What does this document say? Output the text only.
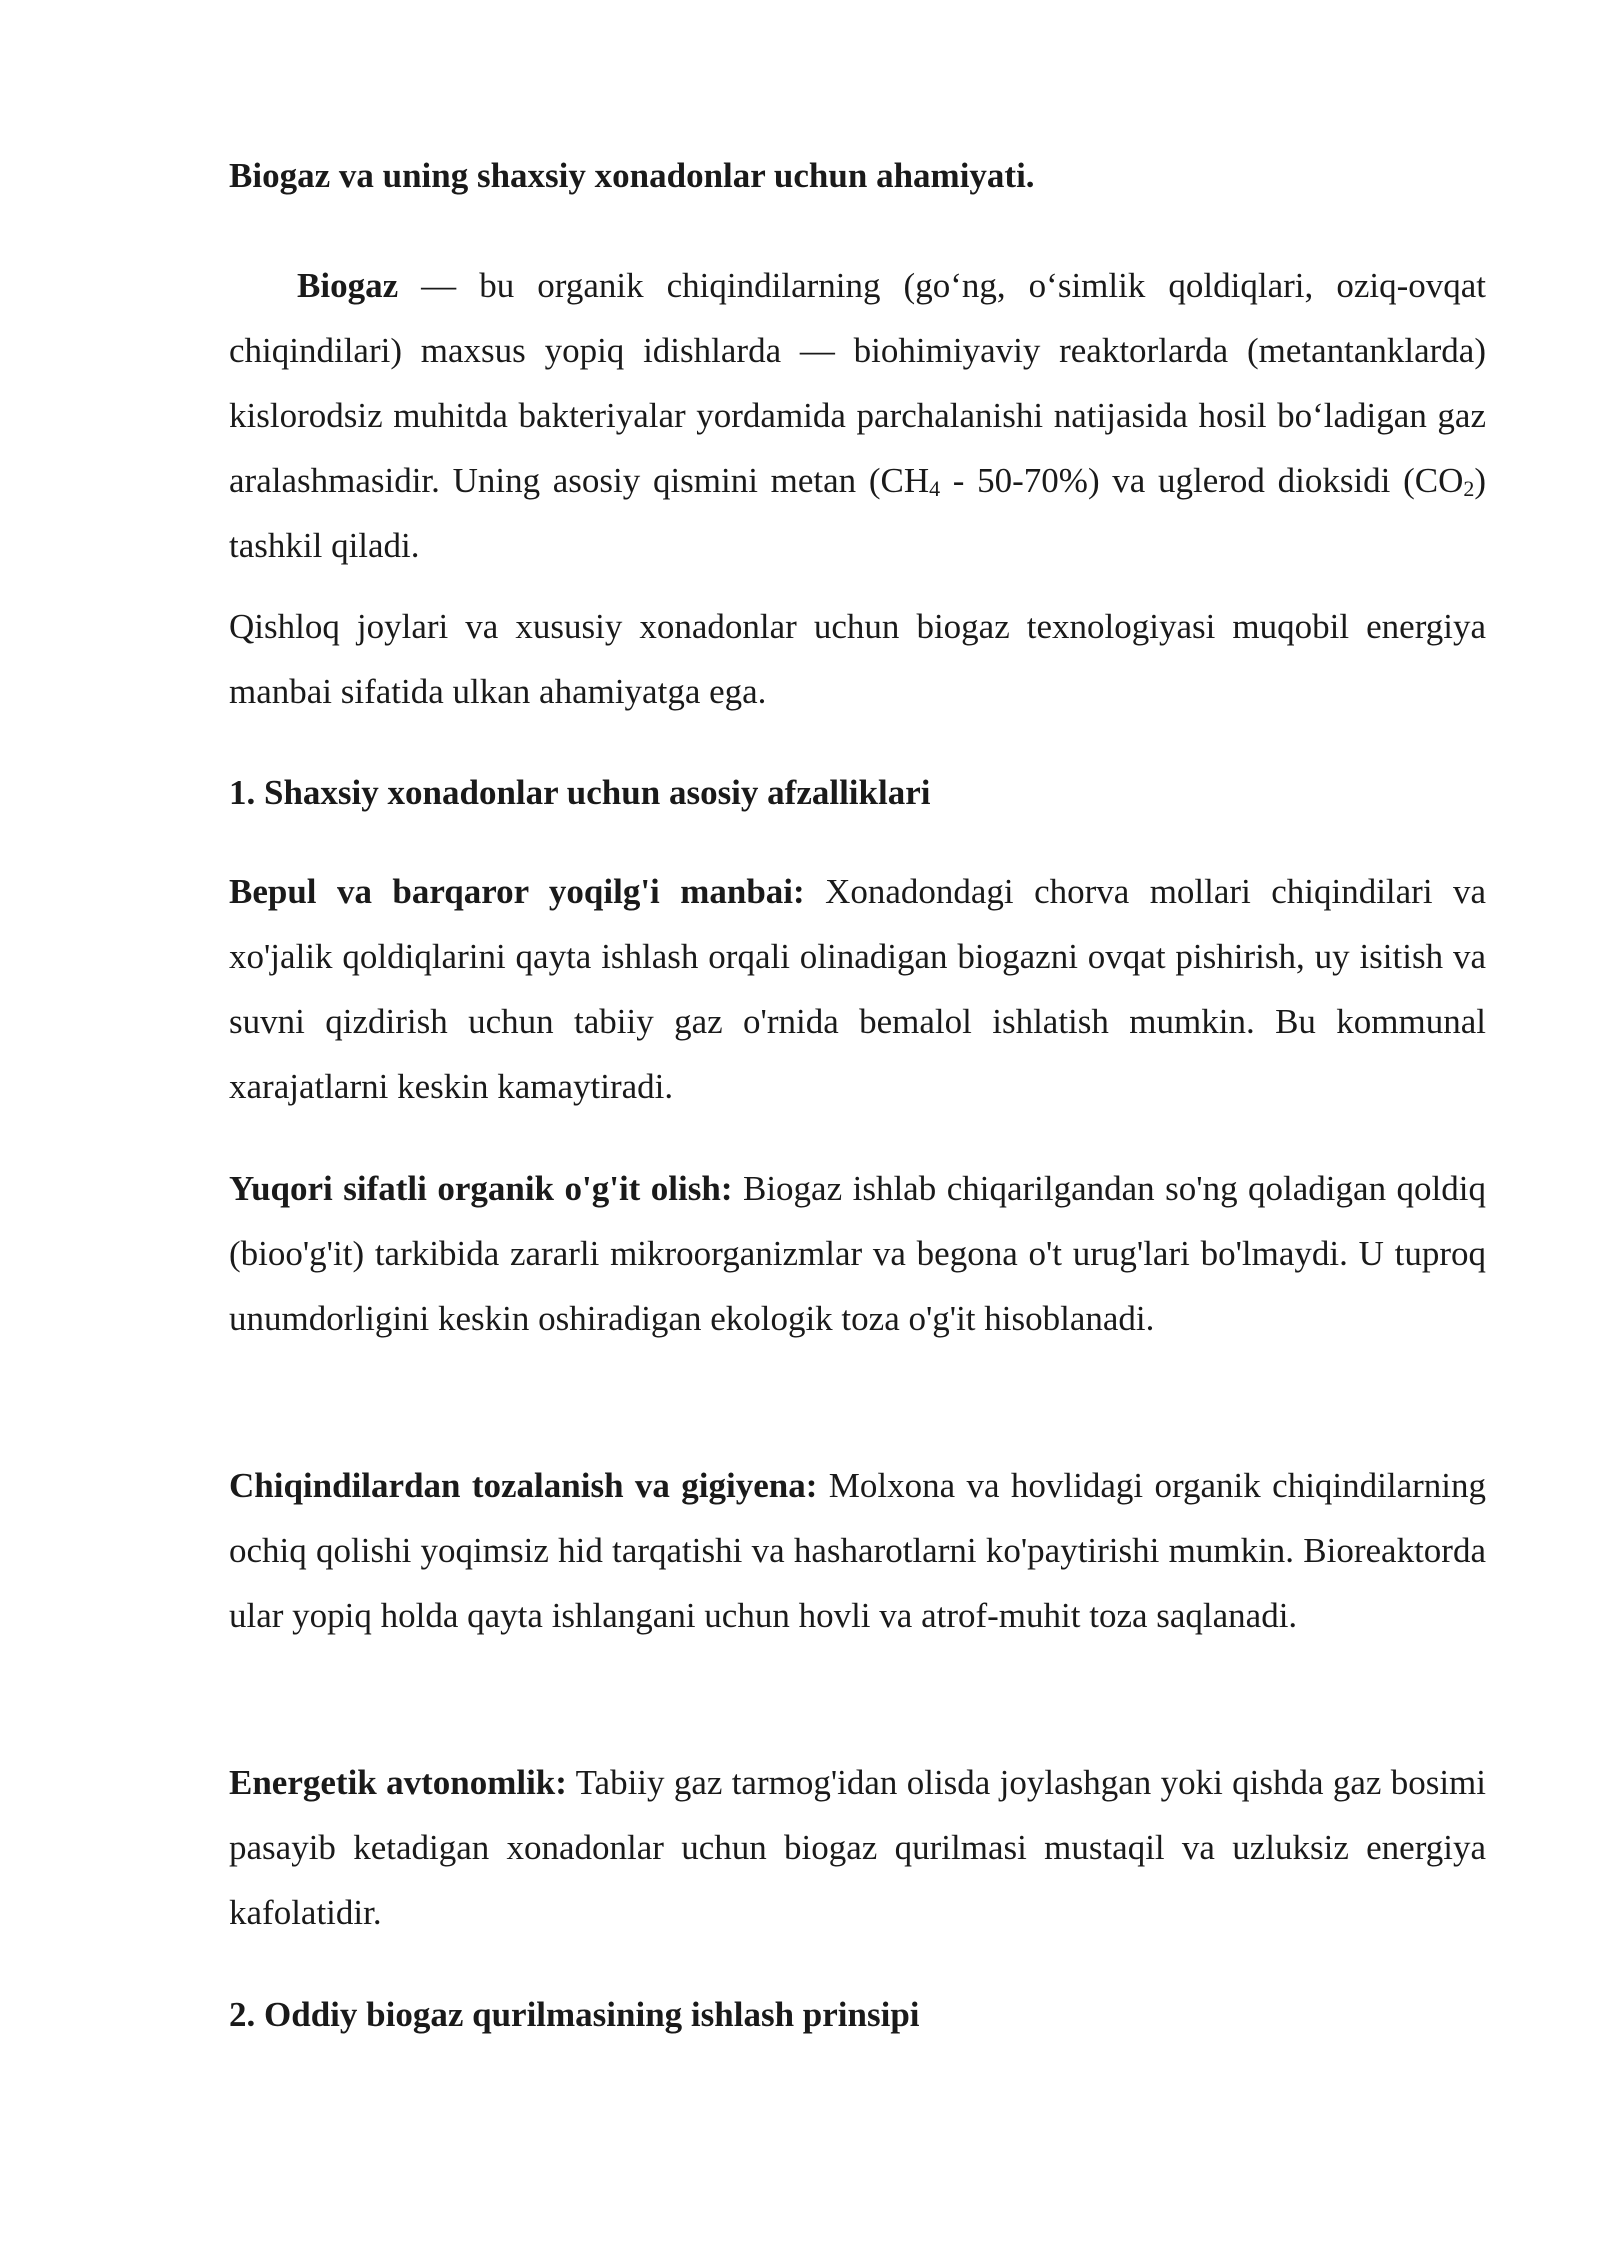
Biogaz va uning shaxsiy xonadonlar uchun ahamiyati.

Biogaz — bu organik chiqindilarning (go‘ng, o‘simlik qoldiqlari, oziq-ovqat chiqindilari) maxsus yopiq idishlarda — biohimiyaviy reaktorlarda (metantanklarda) kislorodsiz muhitda bakteriyalar yordamida parchalanishi natijasida hosil bo‘ladigan gaz aralashmasidir. Uning asosiy qismini metan $(CH_4 - 50-70\%)$ va uglerod dioksidi $(CO_2)$ tashkil qiladi.

Qishloq joylari va xususiy xonadonlar uchun biogaz texnologiyasi muqobil energiya manbai sifatida ulkan ahamiyatga ega.

1. Shaxsiy xonadonlar uchun asosiy afzalliklari

Bepul va barqaror yoqilg'i manbai: Xonadondagi chorva mollari chiqindilari va xo'jalik qoldiqlarini qayta ishlash orqali olinadigan biogazni ovqat pishirish, uy isitish va suvni qizdirish uchun tabiiy gaz o'rnida bemalol ishlatish mumkin. Bu kommunal xarajatlarni keskin kamaytiradi.

Yuqori sifatli organik o'g'it olish: Biogaz ishlab chiqarilgandan so'ng qoladigan qoldiq (bioo'g'it) tarkibida zararli mikroorganizmlar va begona o't urug'lari bo'lmaydi. U tuproq unumdorligini keskin oshiradigan ekologik toza o'g'it hisoblanadi.

Chiqindilardan tozalanish va gigiyena: Molxona va hovlidagi organik chiqindilarning ochiq qolishi yoqimsiz hid tarqatishi va hasharotlarni ko'paytirishi mumkin. Bioreaktorda ular yopiq holda qayta ishlangani uchun hovli va atrof-muhit toza saqlanadi.

Energetik avtonomlik: Tabiiy gaz tarmog'idan olisda joylashgan yoki qishda gaz bosimi pasayib ketadigan xonadonlar uchun biogaz qurilmasi mustaqil va uzluksiz energiya kafolatidir.

2. Oddiy biogaz qurilmasining ishlash prinsipi
